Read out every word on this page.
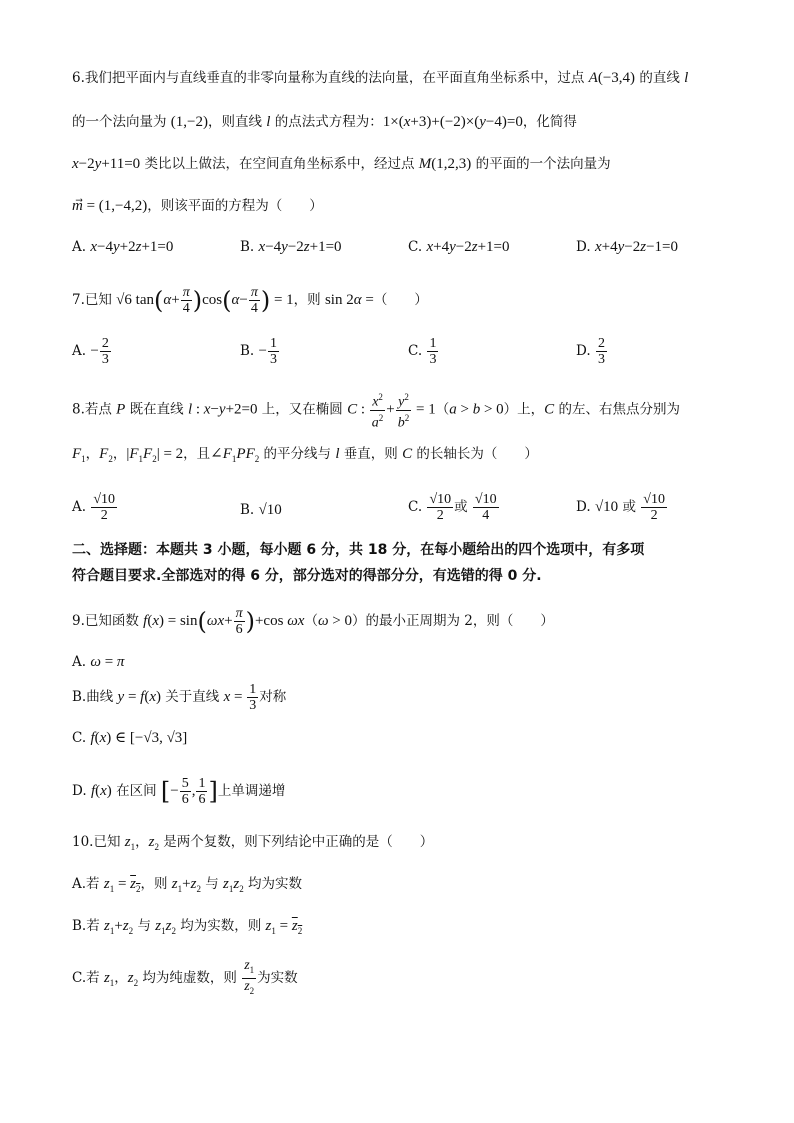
6.我们把平面内与直线垂直的非零向量称为直线的法向量，在平面直角坐标系中，过点 A(−3,4) 的直线 l
的一个法向量为 (1,−2)，则直线 l 的点法式方程为：1×(x+3)+(−2)×(y−4)=0，化简得
x−2y+11=0 类比以上做法，在空间直角坐标系中，经过点 M(1,2,3) 的平面的一个法向量为
m⃗ = (1,−4,2)，则该平面的方程为（　　）
A. x−4y+2z+1=0	B. x−4y−2z+1=0	C. x+4y−2z+1=0	D. x+4y−2z−1=0
7.已知 √6 $\tan(\alpha+ \frac{\pi}{4} )\cos(\alpha- \frac{\pi}{4}$ ) = 1，则 sin 2α =（　　）
A. − $\frac{2}{3}$	B. − $\frac{1}{3}$	C. $\frac{1}{3}$	D. $\frac{2}{3}$
8.若点 P 既在直线 l : x−y+2=0 上，又在椭圆 C : $\frac{x^2}{a^2} + \frac{y^2}{b^2} = 1(a > b > 0)$上，C 的左、右焦点分别为
$F_1$，$F_2$，$|F_1F_2| = 2$，且$\angle F_1PF_2$ 的平分线与 l 垂直，则 C 的长轴长为（　　）
A. $\frac{√10}{2}$	B. √10	C. $\frac{√10}{2}$ 或 $\frac{√10}{4}$	D. √10 或 $\frac{√10}{2}$
二、选择题：本题共 3 小题，每小题 6 分，共 18 分，在每小题给出的四个选项中，有多项
符合题目要求.全部选对的得 6 分，部分选对的得部分分，有选错的得 0 分.
9.已知函数 $f(x) = \sin(\omega x+ \frac{\pi}{6} )+\cos$ ωx（ω > 0）的最小正周期为 2，则（　　）
A. ω = π
B.曲线 y = f(x) 关于直线 $x = \frac{1}{3}$ 对称
C. f(x) ∈ [−√3, √3]
D. f(x) 在区间 [− $\frac{5}{6}$ , $\frac{1}{6}$ ]上单调递增
10.已知 $z_1$，$z_2$ 是两个复数，则下列结论中正确的是（　　）
A.若 $z_1 = z_2$，则 $z_1+z_2$ 与 $z_1z_2$ 均为实数
B.若 $z_1+z_2$ 与 $z_1z_2$ 均为实数，则 $z_1 = z_2$
C.若 $z_1$，$z_2$ 均为纯虚数，则 $\frac{z_1}{z_2}$ 为实数
